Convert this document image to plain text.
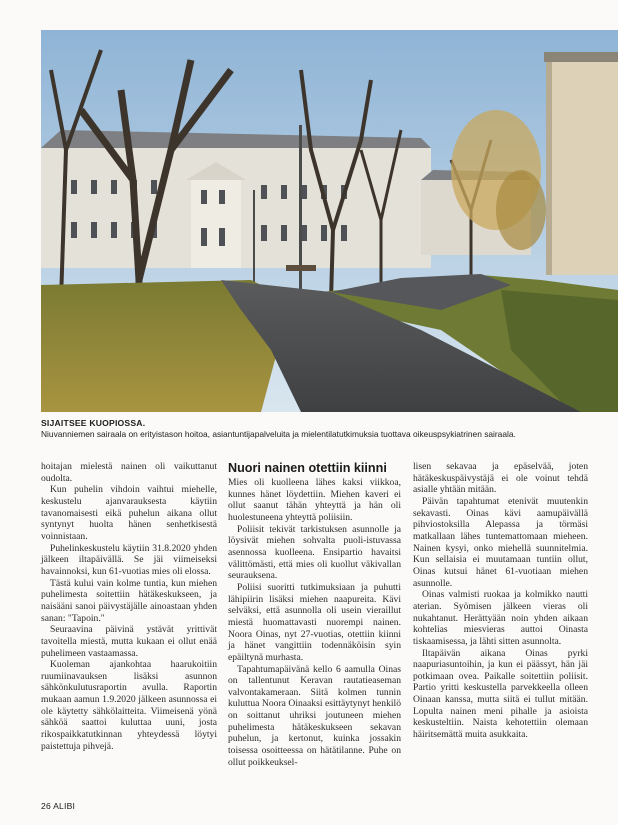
SIJAITSEE KUOPIOSSA.
Niuvanniemen sairaala on erityistason hoitoa, asiantuntijapalveluita ja mielentilatutkimuksia tuottava oikeuspsykiatrinen sairaala.

hoitajan mielestä nainen oli vaikuttanut oudolta.

Kun puhelin vihdoin vaihtui miehelle, keskustelu ajanvarauksesta käytiin tavanomaisesti eikä puhelun aikana ollut syntynyt huolta hänen senhetkisestä voinnistaan.

Puhelinkeskustelu käytiin 31.8.2020 yhden jälkeen iltapäivällä. Se jäi viimeiseksi havainnoksi, kun 61-vuotias mies oli elossa.

Tästä kului vain kolme tuntia, kun miehen puhelimesta soitettiin hätäkeskukseen, ja naisääni sanoi päivystäjälle ainoastaan yhden sanan: "Tapoin."

Seuraavina päivinä ystävät yrittivät tavoitella miestä, mutta kukaan ei ollut enää puhelimeen vastaamassa.

Kuoleman ajankohtaa haarukoitiin ruumiinavauksen lisäksi asunnon sähkönkulutusraportin avulla. Raportin mukaan aamun 1.9.2020 jälkeen asunnossa ei ole käytetty sähkölaitteita. Viimeisenä yönä sähköä saattoi kuluttaa uuni, josta rikospaikkatutkinnan yhteydessä löytyi paistettuja pihvejä.

Nuori nainen otettiin kiinni

Mies oli kuolleena lähes kaksi viikkoa, kunnes hänet löydettiin. Miehen kaveri ei ollut saanut tähän yhteyttä ja hän oli huolestuneena yhteyttä poliisiin.

Poliisit tekivät tarkistuksen asunnolle ja löysivät miehen sohvalta puoli-istuvassa asennossa kuolleena. Ensipartio havaitsi välittömästi, että mies oli kuollut väkivallan seurauksena.

Poliisi suoritti tutkimuksiaan ja puhutti lähipiirin lisäksi miehen naapureita. Kävi selväksi, että asunnolla oli usein vieraillut miestä huomattavasti nuorempi nainen. Noora Oinas, nyt 27-vuotias, otettiin kiinni ja hänet vangittiin todennäköisin syin epäiltynä murhasta.

Tapahtumapäivänä kello 6 aamulla Oinas on tallentunut Keravan rautatieaseman valvontakameraan. Siitä kolmen tunnin kuluttua Noora Oinaaksi esittäytynyt henkilö on soittanut uhriksi joutuneen miehen puhelimesta hätäkeskukseen sekavan puhelun, ja kertonut, kuinka jossakin toisessa osoitteessa on hätätilanne. Puhe on ollut poikkeuksel-

lisen sekavaa ja epäselvää, joten hätäkeskuspäivystäjä ei ole voinut tehdä asialle yhtään mitään.

Päivän tapahtumat etenivät muutenkin sekavasti. Oinas kävi aamupäivällä pihviostoksilla Alepassa ja törmäsi matkallaan lähes tuntemattomaan mieheen. Nainen kysyi, onko miehellä suunnitelmia. Kun sellaisia ei muutamaan tuntiin ollut, Oinas kutsui hänet 61-vuotiaan miehen asunnolle.

Oinas valmisti ruokaa ja kolmikko nautti aterian. Syömisen jälkeen vieras oli nukahtanut. Herättyään noin yhden aikaan kohtelias miesvieras auttoi Oinasta tiskaamisessa, ja lähti sitten asunnolta.

Iltapäivän aikana Oinas pyrki naapuriasuntoihin, ja kun ei päässyt, hän jäi potkimaan ovea. Paikalle soitettiin poliisit. Partio yritti keskustella parvekkeella olleen Oinaan kanssa, mutta siitä ei tullut mitään. Lopulta nainen meni pihalle ja asioista keskusteltiin. Naista kehotettiin olemaan häiritsemättä muita asukkaita.

26 ALIBI
